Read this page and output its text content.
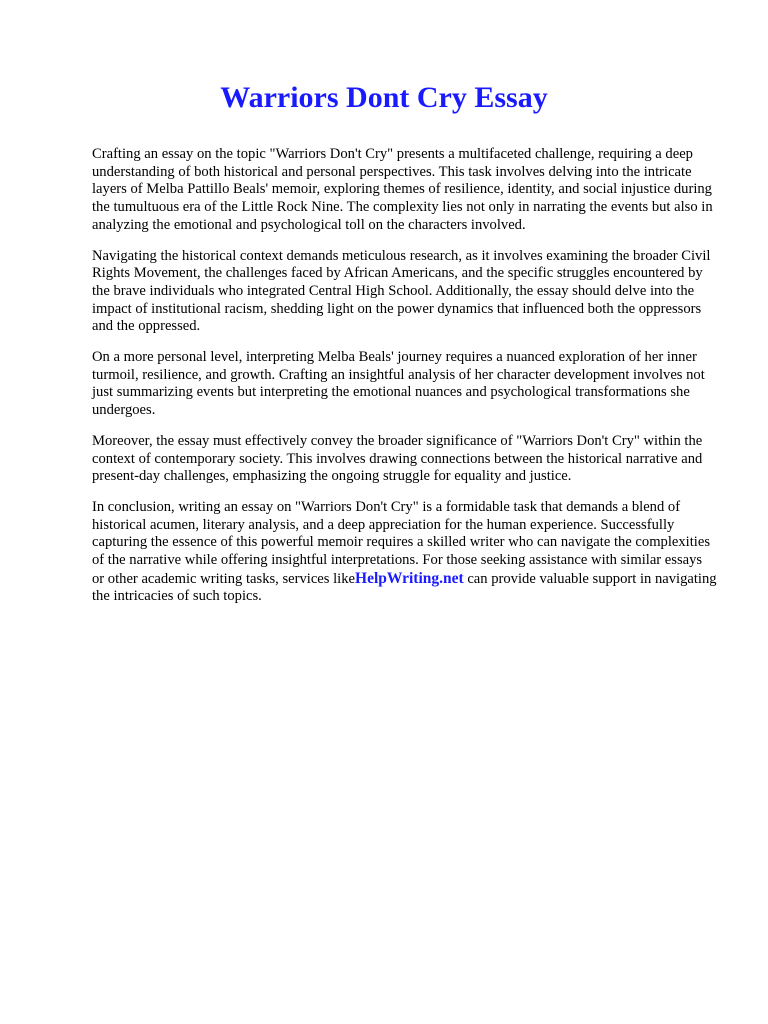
Warriors Dont Cry Essay

Crafting an essay on the topic "Warriors Don't Cry" presents a multifaceted challenge, requiring a deep understanding of both historical and personal perspectives. This task involves delving into the intricate layers of Melba Pattillo Beals' memoir, exploring themes of resilience, identity, and social injustice during the tumultuous era of the Little Rock Nine. The complexity lies not only in narrating the events but also in analyzing the emotional and psychological toll on the characters involved.

Navigating the historical context demands meticulous research, as it involves examining the broader Civil Rights Movement, the challenges faced by African Americans, and the specific struggles encountered by the brave individuals who integrated Central High School. Additionally, the essay should delve into the impact of institutional racism, shedding light on the power dynamics that influenced both the oppressors and the oppressed.

On a more personal level, interpreting Melba Beals' journey requires a nuanced exploration of her inner turmoil, resilience, and growth. Crafting an insightful analysis of her character development involves not just summarizing events but interpreting the emotional nuances and psychological transformations she undergoes.

Moreover, the essay must effectively convey the broader significance of "Warriors Don't Cry" within the context of contemporary society. This involves drawing connections between the historical narrative and present-day challenges, emphasizing the ongoing struggle for equality and justice.

In conclusion, writing an essay on "Warriors Don't Cry" is a formidable task that demands a blend of historical acumen, literary analysis, and a deep appreciation for the human experience. Successfully capturing the essence of this powerful memoir requires a skilled writer who can navigate the complexities of the narrative while offering insightful interpretations. For those seeking assistance with similar essays or other academic writing tasks, services likeHelpWriting.net can provide valuable support in navigating the intricacies of such topics.
